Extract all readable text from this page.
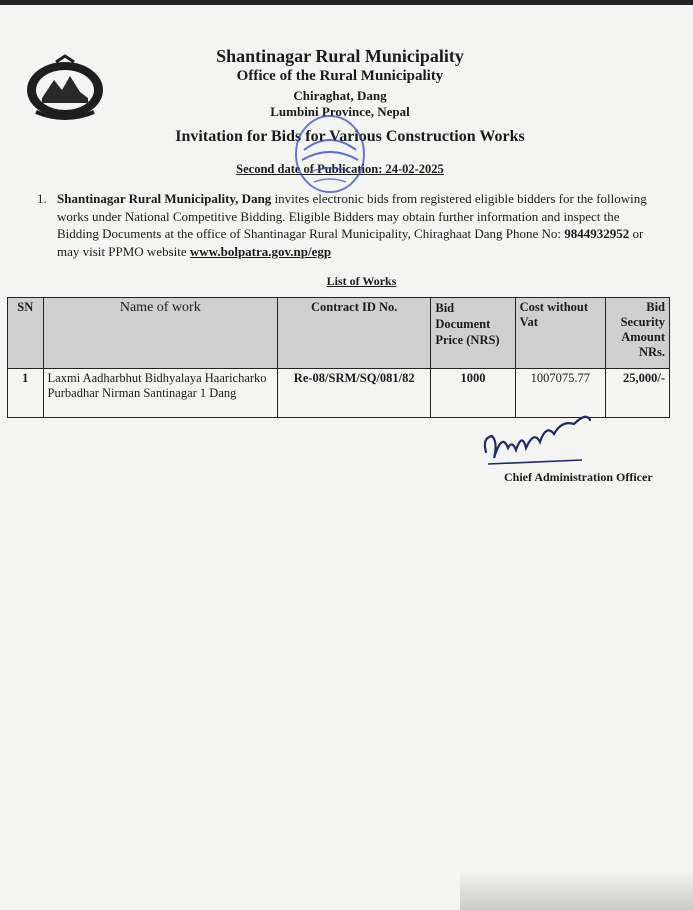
Shantinagar Rural Municipality
Office of the Rural Municipality
Chiraghat, Dang
Lumbini Province, Nepal
Invitation for Bids for Various Construction Works
Second date of Publication: 24-02-2025
1. Shantinagar Rural Municipality, Dang invites electronic bids from registered eligible bidders for the following works under National Competitive Bidding. Eligible Bidders may obtain further information and inspect the Bidding Documents at the office of Shantinagar Rural Municipality, Chiraghaat Dang Phone No: 9844932952 or may visit PPMO website www.bolpatra.gov.np/egp
List of Works
SN	Name of work	Contract ID No.	Bid Document Price (NRS)	Cost without Vat	Bid Security Amount NRs.
1	Laxmi Aadharbhut Bidhyalaya Haaricharko Purbadhar Nirman Santinagar 1 Dang	Re-08/SRM/SQ/081/82	1000	1007075.77	25,000/-
Chief Administration Officer
